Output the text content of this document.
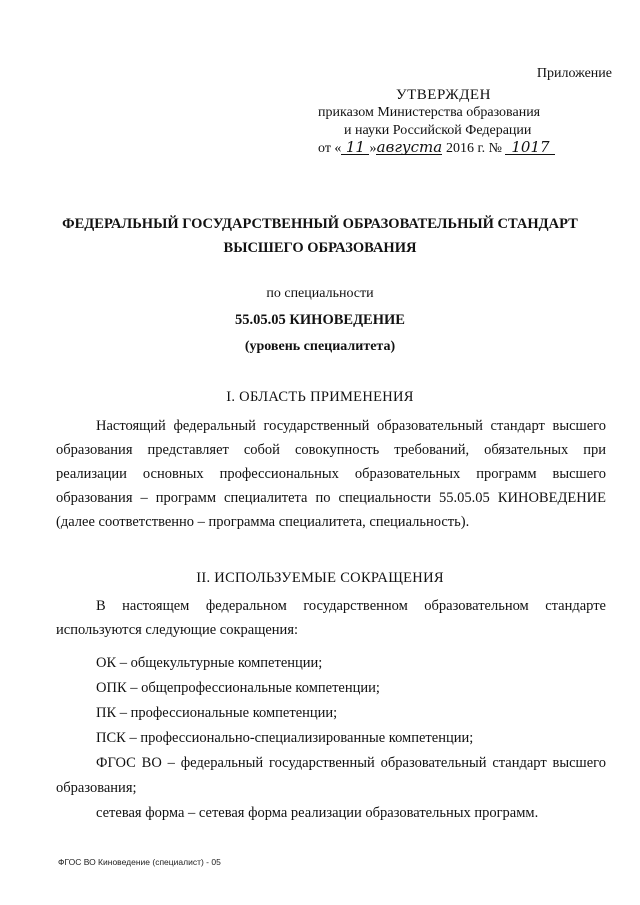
Приложение
УТВЕРЖДЕН
приказом Министерства образования
и науки Российской Федерации
от « 11 »августа 2016 г. № 1017
ФЕДЕРАЛЬНЫЙ ГОСУДАРСТВЕННЫЙ ОБРАЗОВАТЕЛЬНЫЙ СТАНДАРТ
ВЫСШЕГО ОБРАЗОВАНИЯ
по специальности
55.05.05 КИНОВЕДЕНИЕ
(уровень специалитета)
I. ОБЛАСТЬ ПРИМЕНЕНИЯ
Настоящий федеральный государственный образовательный стандарт высшего образования представляет собой совокупность требований, обязательных при реализации основных профессиональных образовательных программ высшего образования – программ специалитета по специальности 55.05.05 КИНОВЕДЕНИЕ (далее соответственно – программа специалитета, специальность).
II. ИСПОЛЬЗУЕМЫЕ СОКРАЩЕНИЯ
В настоящем федеральном государственном образовательном стандарте используются следующие сокращения:
ОК – общекультурные компетенции;
ОПК – общепрофессиональные компетенции;
ПК – профессиональные компетенции;
ПСК – профессионально-специализированные компетенции;
ФГОС ВО – федеральный государственный образовательный стандарт высшего образования;
сетевая форма – сетевая форма реализации образовательных программ.
ФГОС ВО Киноведение (специалист) - 05
